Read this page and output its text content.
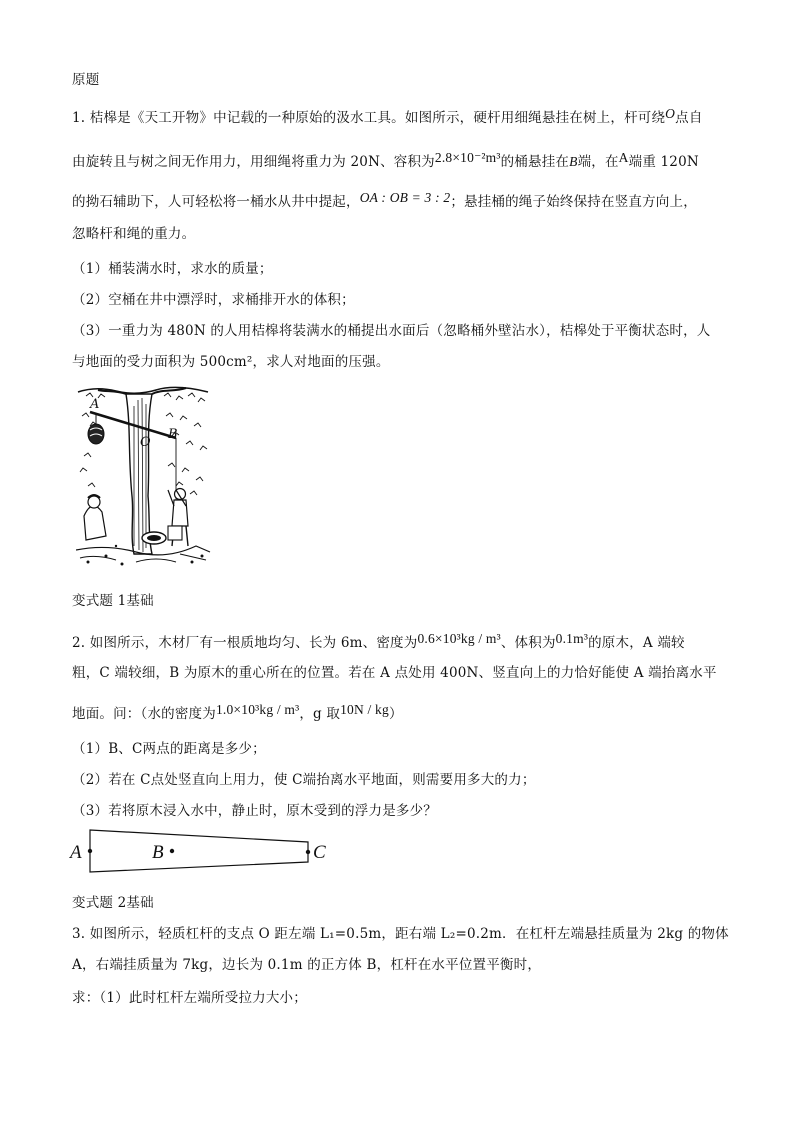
原题
1. 桔槔是《天工开物》中记载的一种原始的汲水工具。如图所示，硬杆用细绳悬挂在树上，杆可绕O点自
由旋转且与树之间无作用力，用细绳将重力为 20N、容积为2.8×10⁻²m³的桶悬挂在B端，在A端重 120N
的拗石辅助下，人可轻松将一桶水从井中提起，OA : OB = 3 : 2；悬挂桶的绳子始终保持在竖直方向上，
忽略杆和绳的重力。
（1）桶装满水时，求水的质量；
（2）空桶在井中漂浮时，求桶排开水的体积；
（3）一重力为 480N 的人用桔槔将装满水的桶提出水面后（忽略桶外壁沾水），桔槔处于平衡状态时，人
与地面的受力面积为 500cm²，求人对地面的压强。
A
O
B
变式题 1基础
2. 如图所示，木材厂有一根质地均匀、长为 6m、密度为0.6×10³kg / m³、体积为0.1m³的原木，A 端较
粗，C 端较细，B 为原木的重心所在的位置。若在 A 点处用 400N、竖直向上的力恰好能使 A 端抬离水平
地面。问：（水的密度为1.0×10³kg / m³，g 取10N / kg）
（1）B、C两点的距离是多少；
（2）若在 C点处竖直向上用力，使 C端抬离水平地面，则需要用多大的力；
（3）若将原木浸入水中，静止时，原木受到的浮力是多少？
A	B	C
变式题 2基础
3. 如图所示，轻质杠杆的支点 O 距左端 L₁=0.5m，距右端 L₂=0.2m．在杠杆左端悬挂质量为 2kg 的物体
A，右端挂质量为 7kg，边长为 0.1m 的正方体 B，杠杆在水平位置平衡时，
求：（1）此时杠杆左端所受拉力大小；
